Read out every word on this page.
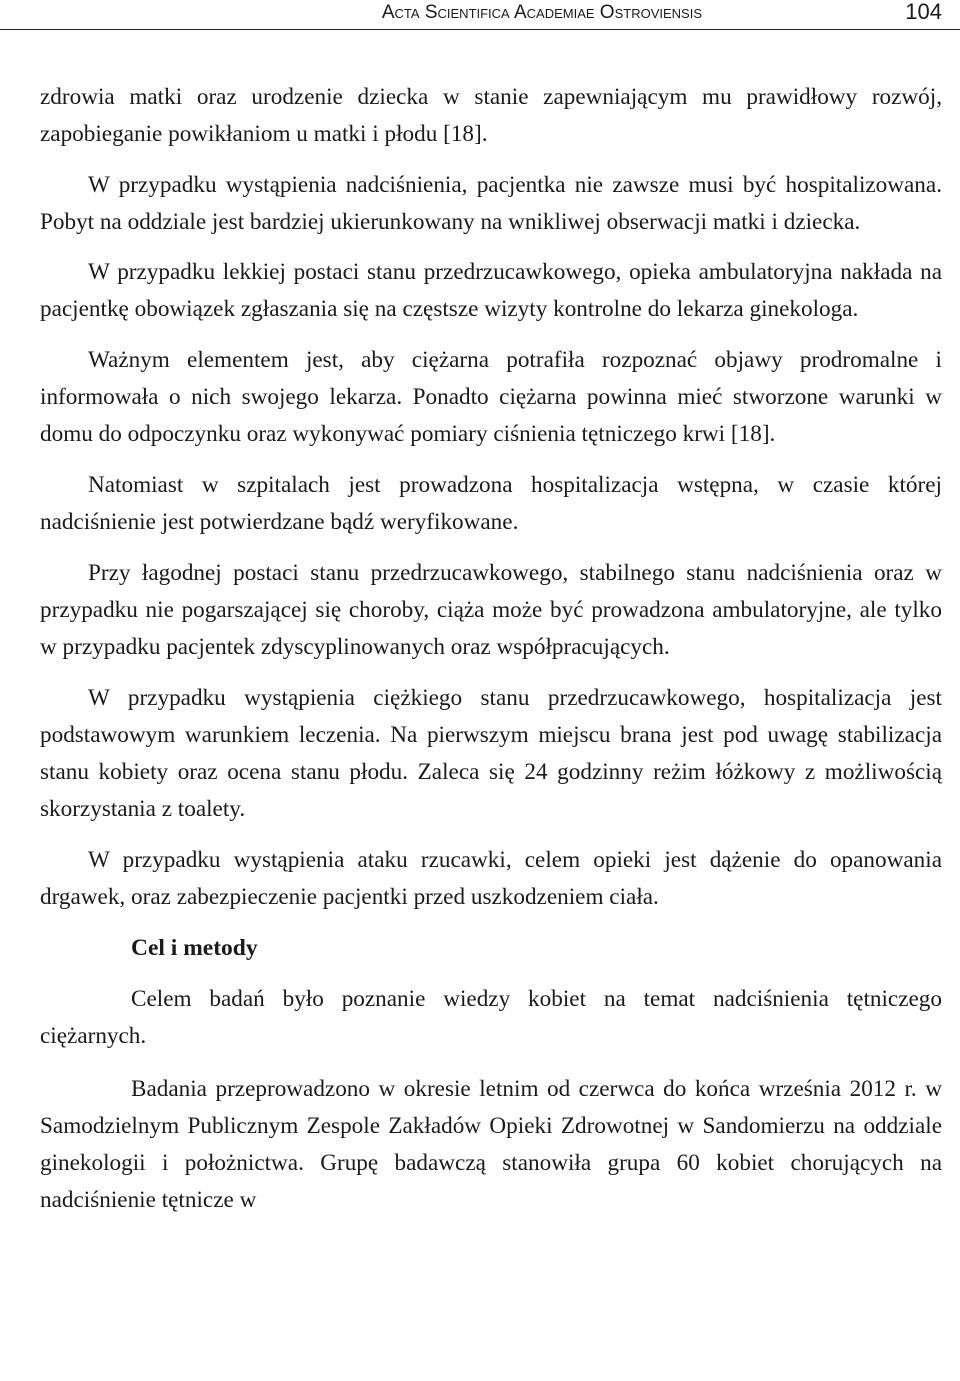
Acta Scientifica Academiae Ostroviensis	104

zdrowia matki oraz urodzenie dziecka w stanie zapewniającym mu prawidłowy rozwój, zapobieganie powikłaniom u matki i płodu [18].

W przypadku wystąpienia nadciśnienia, pacjentka nie zawsze musi być hospitalizowana. Pobyt na oddziale jest bardziej ukierunkowany na wnikliwej obserwacji matki i dziecka.

W przypadku lekkiej postaci stanu przedrzucawkowego, opieka ambulatoryjna nakłada na pacjentkę obowiązek zgłaszania się na częstsze wizyty kontrolne do lekarza ginekologa.

Ważnym elementem jest, aby ciężarna potrafiła rozpoznać objawy prodromalne i informowała o nich swojego lekarza. Ponadto ciężarna powinna mieć stworzone warunki w domu do odpoczynku oraz wykonywać pomiary ciśnienia tętniczego krwi [18].

Natomiast w szpitalach jest prowadzona hospitalizacja wstępna, w czasie której nadciśnienie jest potwierdzane bądź weryfikowane.

Przy łagodnej postaci stanu przedrzucawkowego, stabilnego stanu nadciśnienia oraz w przypadku nie pogarszającej się choroby, ciąża może być prowadzona ambulatoryjne, ale tylko w przypadku pacjentek zdyscyplinowanych oraz współpracujących.

W przypadku wystąpienia ciężkiego stanu przedrzucawkowego, hospitalizacja jest podstawowym warunkiem leczenia. Na pierwszym miejscu brana jest pod uwagę stabilizacja stanu kobiety oraz ocena stanu płodu. Zaleca się 24 godzinny reżim łóżkowy z możliwością skorzystania z toalety.

W przypadku wystąpienia ataku rzucawki, celem opieki jest dążenie do opanowania drgawek, oraz zabezpieczenie pacjentki przed uszkodzeniem ciała.

Cel i metody

Celem badań było poznanie wiedzy kobiet na temat nadciśnienia tętniczego ciężarnych.

Badania przeprowadzono w okresie letnim od czerwca do końca września 2012 r. w Samodzielnym Publicznym Zespole Zakładów Opieki Zdrowotnej w Sandomierzu na oddziale ginekologii i położnictwa. Grupę badawczą stanowiła grupa 60 kobiet chorujących na nadciśnienie tętnicze w
